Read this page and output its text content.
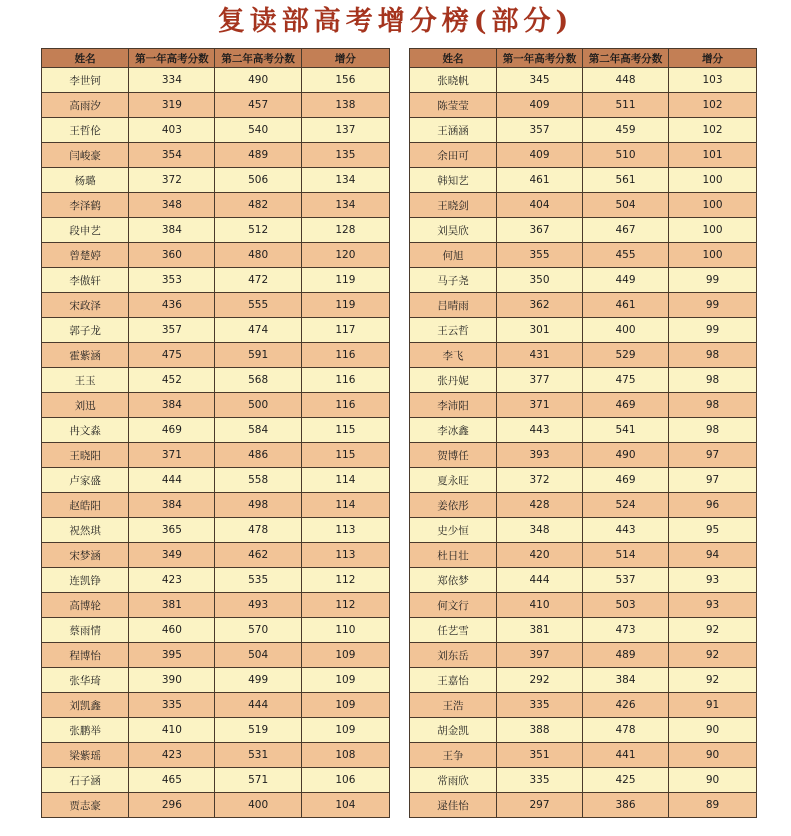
复读部高考增分榜(部分)
姓名	第一年高考分数	第二年高考分数	增分
李世钶	334	490	156
高雨汐	319	457	138
王哲伦	403	540	137
闫峻豪	354	489	135
杨璐	372	506	134
李泽鹤	348	482	134
段申艺	384	512	128
曾楚婷	360	480	120
李傲轩	353	472	119
宋政泽	436	555	119
郭子龙	357	474	117
霍紫涵	475	591	116
王玉	452	568	116
刘迅	384	500	116
冉文淼	469	584	115
王晓阳	371	486	115
卢家盛	444	558	114
赵皓阳	384	498	114
祝然琪	365	478	113
宋梦涵	349	462	113
连凯铮	423	535	112
高博轮	381	493	112
蔡雨情	460	570	110
程博怡	395	504	109
张华琦	390	499	109
刘凯鑫	335	444	109
张鹏举	410	519	109
梁紫瑶	423	531	108
石子涵	465	571	106
贾志豪	296	400	104
姓名	第一年高考分数	第二年高考分数	增分
张晓帆	345	448	103
陈莹莹	409	511	102
王涵涵	357	459	102
余田可	409	510	101
韩知艺	461	561	100
王晓剑	404	504	100
刘昊欣	367	467	100
何旭	355	455	100
马子尧	350	449	99
吕晴雨	362	461	99
王云哲	301	400	99
李飞	431	529	98
张丹妮	377	475	98
李沛阳	371	469	98
李冰鑫	443	541	98
贺博任	393	490	97
夏永旺	372	469	97
姜依彤	428	524	96
史少恒	348	443	95
杜日壮	420	514	94
郑依梦	444	537	93
何文行	410	503	93
任艺雪	381	473	92
刘东岳	397	489	92
王嘉怡	292	384	92
王浩	335	426	91
胡金凯	388	478	90
王争	351	441	90
常雨欣	335	425	90
逯佳怡	297	386	89
